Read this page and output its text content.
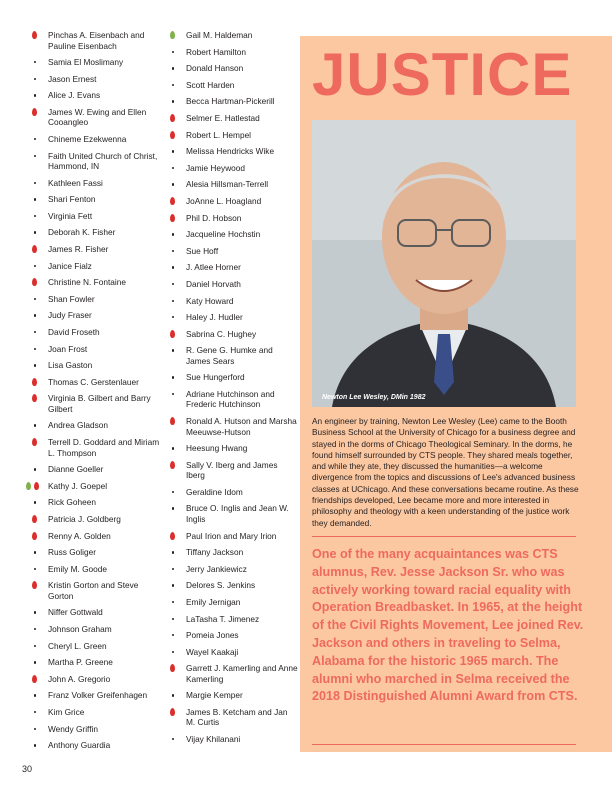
Pinchas A. Eisenbach and Pauline Eisenbach
Samia El Moslimany
Jason Ernest
Alice J. Evans
James W. Ewing and Ellen Cooangleo
Chineme Ezekwenna
Faith United Church of Christ, Hammond, IN
Kathleen Fassi
Shari Fenton
Virginia Fett
Deborah K. Fisher
James R. Fisher
Janice Fialz
Christine N. Fontaine
Shan Fowler
Judy Fraser
David Froseth
Joan Frost
Lisa Gaston
Thomas C. Gerstenlauer
Virginia B. Gilbert and Barry Gilbert
Andrea Gladson
Terrell D. Goddard and Miriam L. Thompson
Dianne Goeller
Kathy J. Goepel
Rick Goheen
Patricia J. Goldberg
Renny A. Golden
Russ Goliger
Emily M. Goode
Kristin Gorton and Steve Gorton
Niffer Gottwald
Johnson Graham
Cheryl L. Green
Martha P. Greene
John A. Gregorio
Franz Volker Greifenhagen
Kim Grice
Wendy Griffin
Anthony Guardia
Gail M. Haldeman
Robert Hamilton
Donald Hanson
Scott Harden
Becca Hartman-Pickerill
Selmer E. Hatlestad
Robert L. Hempel
Melissa Hendricks Wike
Jamie Heywood
Alesia Hillsman-Terrell
JoAnne L. Hoagland
Phil D. Hobson
Jacqueline Hochstin
Sue Hoff
J. Atlee Horner
Daniel Horvath
Katy Howard
Haley J. Hudler
Sabrina C. Hughey
R. Gene G. Humke and James Sears
Sue Hungerford
Adriane Hutchinson and Frederic Hutchinson
Ronald A. Hutson and Marsha Meeuwse-Hutson
Heesung Hwang
Sally V. Iberg and James Iberg
Geraldine Idom
Bruce O. Inglis and Jean W. Inglis
Paul Irion and Mary Irion
Tiffany Jackson
Jerry Jankiewicz
Delores S. Jenkins
Emily Jernigan
LaTasha T. Jimenez
Pomeia Jones
Wayel Kaakaji
Garrett J. Kamerling and Anne Kamerling
Margie Kemper
James B. Ketcham and Jan M. Curtis
Vijay Khilanani
JUSTICE
Newton Lee Wesley, DMin 1982
An engineer by training, Newton Lee Wesley (Lee) came to the Booth Business School at the University of Chicago for a business degree and stayed in the dorms of Chicago Theological Seminary. In the dorms, he found himself surrounded by CTS people. They shared meals together, and while they ate, they discussed the humanities—a welcome divergence from the topics and discussions of Lee's advanced business classes at UChicago. And these conversations became routine. As these friendships developed, Lee became more and more interested in philosophy and theology with a keen understanding of the justice work they demanded.
One of the many acquaintances was CTS alumnus, Rev. Jesse Jackson Sr. who was actively working toward racial equality with Operation Breadbasket. In 1965, at the height of the Civil Rights Movement, Lee joined Rev. Jackson and others in traveling to Selma, Alabama for the historic 1965 march. The alumni who marched in Selma received the 2018 Distinguished Alumni Award from CTS.
30
